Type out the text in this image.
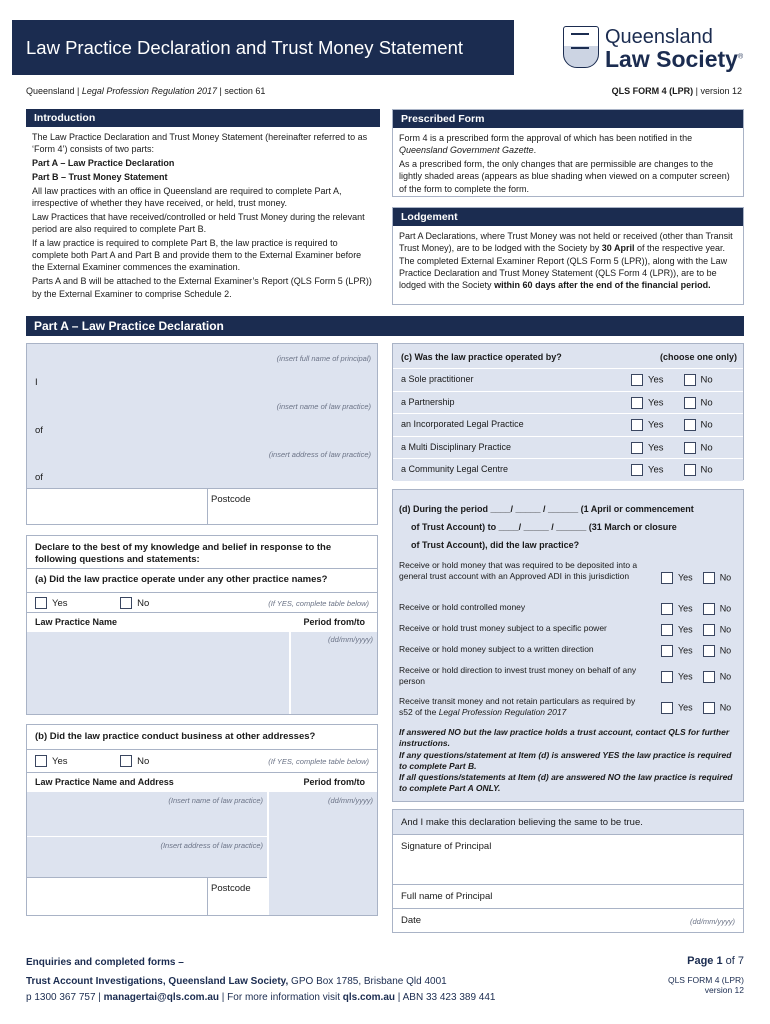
Law Practice Declaration and Trust Money Statement	Queensland
Law Society®
Queensland | Legal Profession Regulation 2017 | section 61	QLS FORM 4 (LPR) | version 12
Introduction

The Law Practice Declaration and Trust Money Statement (hereinafter referred to as ‘Form 4’) consists of two parts:

Part A – Law Practice Declaration

Part B – Trust Money Statement

All law practices with an office in Queensland are required to complete Part A, irrespective of whether they have received, or held, trust money.

Law Practices that have received/controlled or held Trust Money during the relevant period are also required to complete Part B.

If a law practice is required to complete Part B, the law practice is required to complete both Part A and Part B and provide them to the External Examiner before the External Examiner commences the examination.

Parts A and B will be attached to the External Examiner’s Report (QLS Form 5 (LPR)) by the External Examiner to comprise Schedule 2.

Prescribed Form

Form 4 is a prescribed form the approval of which has been notified in the Queensland Government Gazette.

As a prescribed form, the only changes that are permissible are changes to the lightly shaded areas (appears as blue shading when viewed on a computer screen) of the form to complete the form.

Lodgement

Part A Declarations, where Trust Money was not held or received (other than Transit Trust Money), are to be lodged with the Society by 30 April of the respective year. The completed External Examiner Report (QLS Form 5 (LPR)), along with the Law Practice Declaration and Trust Money Statement (QLS Form 4 (LPR)), are to be lodged with the Society within 60 days after the end of the financial period.

Part A – Law Practice Declaration
(insert full name of principal)
I
(insert name of law practice)
of
(insert address of law practice)
of
Postcode
Declare to the best of my knowledge and belief in response to the following questions and statements:
(a) Did the law practice operate under any other practice names?
Yes	No	(If YES, complete table below)
Law Practice Name	Period from/to
(dd/mm/yyyy)
(b) Did the law practice conduct business at other addresses?
Yes	No	(If YES, complete table below)
Law Practice Name and Address	Period from/to
(Insert name of law practice)
(Insert address of law practice)
Postcode
(dd/mm/yyyy)
(c) Was the law practice operated by?	(choose one only)
a Sole practitioner	Yes	No
a Partnership	Yes	No
an Incorporated Legal Practice	Yes	No
a Multi Disciplinary Practice	Yes	No
a Community Legal Centre	Yes	No
(d) During the period ____/ _____ / ______ (1 April or commencement
of Trust Account) to ____/ _____ / ______ (31 March or closure
of Trust Account), did the law practice?
Receive or hold money that was required to be deposited into a general trust account with an Approved ADI in this jurisdiction	Yes	No
Receive or hold controlled money	Yes	No
Receive or hold trust money subject to a specific power	Yes	No
Receive or hold money subject to a written direction	Yes	No
Receive or hold direction to invest trust money on behalf of any person	Yes	No
Receive transit money and not retain particulars as required by s52 of the Legal Profession Regulation 2017	Yes	No
If answered NO but the law practice holds a trust account, contact QLS for further instructions.
If any questions/statement at Item (d) is answered YES the law practice is required to complete Part B.
If all questions/statements at Item (d) are answered NO the law practice is required to complete Part A ONLY.
And I make this declaration believing the same to be true.
Signature of Principal
Full name of Principal
Date	(dd/mm/yyyy)
Enquiries and completed forms –
Trust Account Investigations, Queensland Law Society, GPO Box 1785, Brisbane Qld 4001
p 1300 367 757 | managertai@qls.com.au | For more information visit qls.com.au | ABN 33 423 389 441
Page 1 of 7
QLS FORM 4 (LPR)
version 12
